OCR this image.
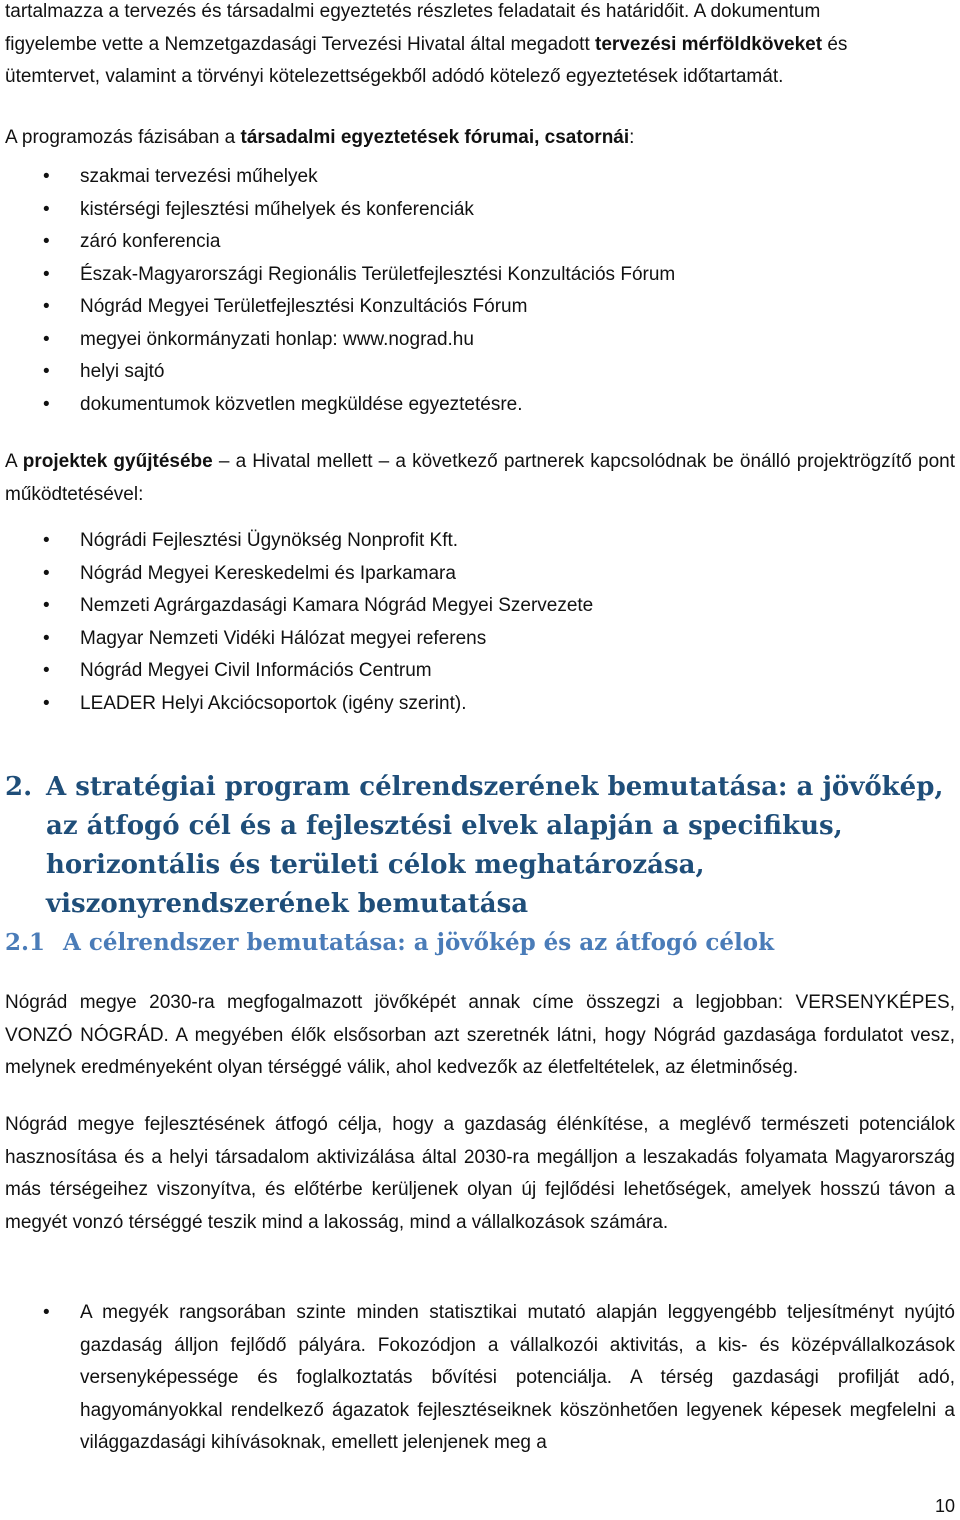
tartalmazza a tervezés és társadalmi egyeztetés részletes feladatait és határidőit. A dokumentum
figyelembe vette a Nemzetgazdasági Tervezési Hivatal által megadott tervezési mérföldköveket és
ütemtervet, valamint a törvényi kötelezettségekből adódó kötelező egyeztetések időtartamát.

A programozás fázisában a társadalmi egyeztetések fórumai, csatornái:

• szakmai tervezési műhelyek
• kistérségi fejlesztési műhelyek és konferenciák
• záró konferencia
• Észak-Magyarországi Regionális Területfejlesztési Konzultációs Fórum
• Nógrád Megyei Területfejlesztési Konzultációs Fórum
• megyei önkormányzati honlap: www.nograd.hu
• helyi sajtó
• dokumentumok közvetlen megküldése egyeztetésre.

A projektek gyűjtésébe – a Hivatal mellett – a következő partnerek kapcsolódnak be önálló projektrögzítő pont működtetésével:

• Nógrádi Fejlesztési Ügynökség Nonprofit Kft.
• Nógrád Megyei Kereskedelmi és Iparkamara
• Nemzeti Agrárgazdasági Kamara Nógrád Megyei Szervezete
• Magyar Nemzeti Vidéki Hálózat megyei referens
• Nógrád Megyei Civil Információs Centrum
• LEADER Helyi Akciócsoportok (igény szerint).
2. A stratégiai program célrendszerének bemutatása: a jövőkép, az átfogó cél és a fejlesztési elvek alapján a specifikus, horizontális és területi célok meghatározása, viszonyrendszerének bemutatása
2.1 A célrendszer bemutatása: a jövőkép és az átfogó célok

Nógrád megye 2030-ra megfogalmazott jövőképét annak címe összegzi a legjobban: VERSENYKÉPES, VONZÓ NÓGRÁD. A megyében élők elsősorban azt szeretnék látni, hogy Nógrád gazdasága fordulatot vesz, melynek eredményeként olyan térséggé válik, ahol kedvezők az életfeltételek, az életminőség.

Nógrád megye fejlesztésének átfogó célja, hogy a gazdaság élénkítése, a meglévő természeti potenciálok hasznosítása és a helyi társadalom aktivizálása által 2030-ra megálljon a leszakadás folyamata Magyarország más térségeihez viszonyítva, és előtérbe kerüljenek olyan új fejlődési lehetőségek, amelyek hosszú távon a megyét vonzó térséggé teszik mind a lakosság, mind a vállalkozások számára.

• A megyék rangsorában szinte minden statisztikai mutató alapján leggyengébb teljesítményt nyújtó gazdaság álljon fejlődő pályára. Fokozódjon a vállalkozói aktivitás, a kis- és középvállalkozások versenyképessége és foglalkoztatás bővítési potenciálja. A térség gazdasági profilját adó, hagyományokkal rendelkező ágazatok fejlesztéseiknek köszönhetően legyenek képesek megfelelni a világgazdasági kihívásoknak, emellett jelenjenek meg a
10
